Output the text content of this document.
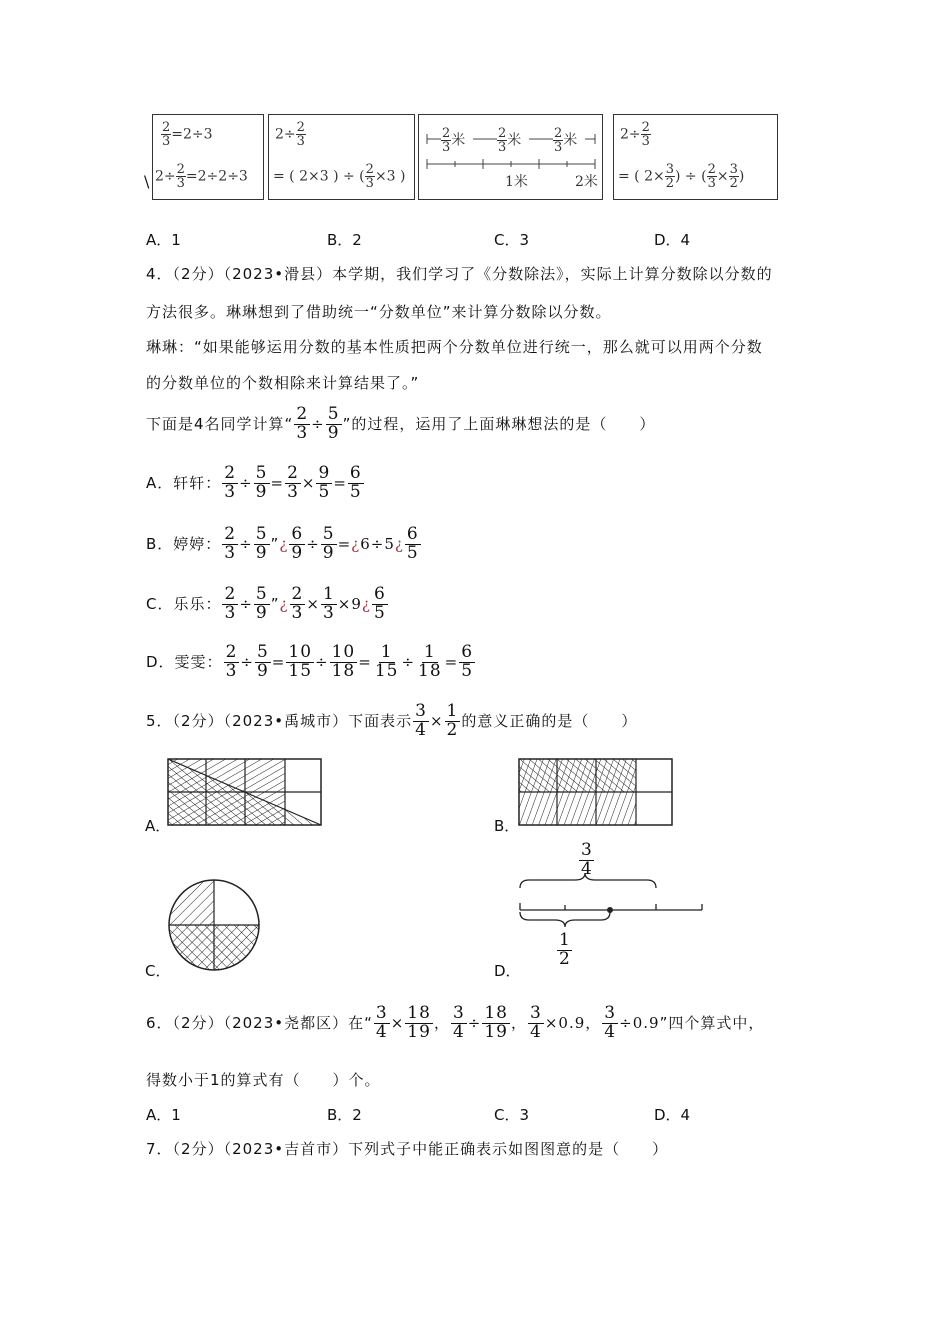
\
$\frac{2}{3} =2\div 3$
$2\div \frac{2}{3} =2\div 2\div 3$
$2\div \frac{2}{3}$
= ( 2×3 ) ÷ ( $\frac{2}{3} \times 3$ )
$\frac{2}{3}$ 米 $\frac{2}{3}$ 米 $\frac{2}{3}$ 米
1米	2米
$2\div \frac{2}{3}$
= ( $2\times \frac{3}{2}$ ) ÷ ( $\frac{2}{3} \times \frac{3}{2}$ )
A．1	B．2	C．3	D．4
4．（2分）（2023•滑县）本学期，我们学习了《分数除法》，实际上计算分数除以分数的
方法很多。琳琳想到了借助统一“分数单位”来计算分数除以分数。
琳琳：“如果能够运用分数的基本性质把两个分数单位进行统一，那么就可以用两个分数
的分数单位的个数相除来计算结果了。”
下面是4名同学计算“ $\frac{2}{3} \div \frac{5}{9}$ ”的过程，运用了上面琳琳想法的是（　　）
A．轩轩： $\frac{2}{3} \div \frac{5}{9} = \frac{2}{3} \times \frac{9}{5} = \frac{6}{5}$
B．婷婷： $\frac{2}{3} \div \frac{5}{9}$ ”¿ $\frac{6}{9} \div \frac{5}{9}$ =¿6÷5¿ $\frac{6}{5}$
C．乐乐： $\frac{2}{3} \div \frac{5}{9}$ ”¿ $\frac{2}{3} \times \frac{1}{3}$ ×9¿ $\frac{6}{5}$
D．雯雯： $\frac{2}{3} \div \frac{5}{9} = \frac{10}{15} \div \frac{10}{18} = \frac{1}{15} \div \frac{1}{18} = \frac{6}{5}$
5．（2分）（2023•禹城市）下面表示 $\frac{3}{4} \times \frac{1}{2}$ 的意义正确的是（　　）
A．	B．
C．
$\frac{3}{4}$
$\frac{1}{2}$
D．
6．（2分）（2023•尧都区）在“ $\frac{3}{4} \times \frac{18}{19}$ ， $\frac{3}{4} \div \frac{18}{19}$ ， $\frac{3}{4} \times 0.9$， $\frac{3}{4} \div 0.9$”四个算式中，
得数小于1的算式有（　　）个。
A．1	B．2	C．3	D．4
7．（2分）（2023•吉首市）下列式子中能正确表示如图图意的是（　　）
